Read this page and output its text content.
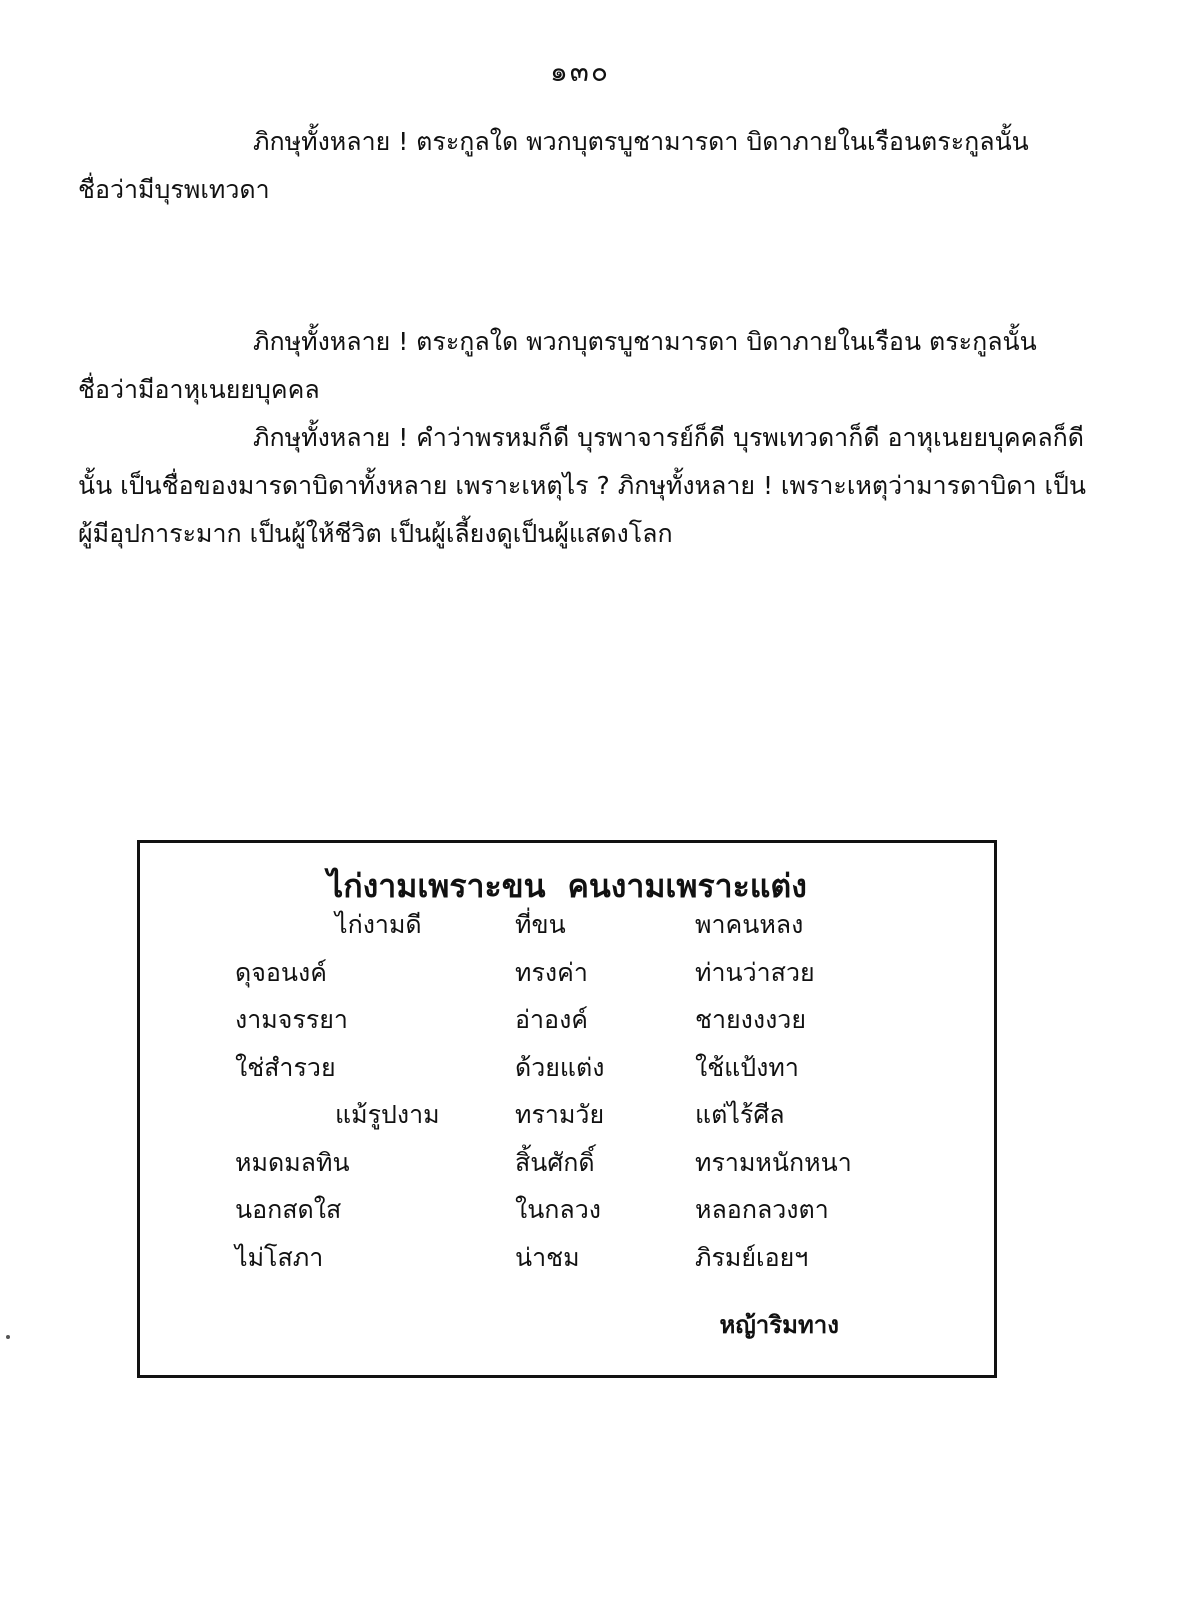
๑๓๐

ภิกษุทั้งหลาย ! ตระกูลใด พวกบุตรบูชามารดา บิดาภายในเรือนตระกูลนั้น

ชื่อว่ามีบุรพเทวดา

ภิกษุทั้งหลาย ! ตระกูลใด พวกบุตรบูชามารดา บิดาภายในเรือน ตระกูลนั้น

ชื่อว่ามีอาหุเนยยบุคคล

ภิกษุทั้งหลาย ! คำว่าพรหมก็ดี บุรพาจารย์ก็ดี บุรพเทวดาก็ดี อาหุเนยยบุคคลก็ดี นั้น เป็นชื่อของมารดาบิดาทั้งหลาย เพราะเหตุไร ? ภิกษุทั้งหลาย ! เพราะเหตุว่ามารดาบิดา เป็นผู้มีอุปการะมาก เป็นผู้ให้ชีวิต เป็นผู้เลี้ยงดูเป็นผู้แสดงโลก

ไก่งามเพราะขน คนงามเพราะแต่ง
ไก่งามดี	ที่ขน	พาคนหลง
ดุจอนงค์	ทรงค่า	ท่านว่าสวย
งามจรรยา	อ่าองค์	ชายงงงวย
ใช่สำรวย	ด้วยแต่ง	ใช้แป้งทา
แม้รูปงาม	ทรามวัย	แต่ไร้ศีล
หมดมลทิน	สิ้นศักดิ์	ทรามหนักหนา
นอกสดใส	ในกลวง	หลอกลวงตา
ไม่โสภา	น่าชม	ภิรมย์เอยฯ
หญ้าริมทาง
